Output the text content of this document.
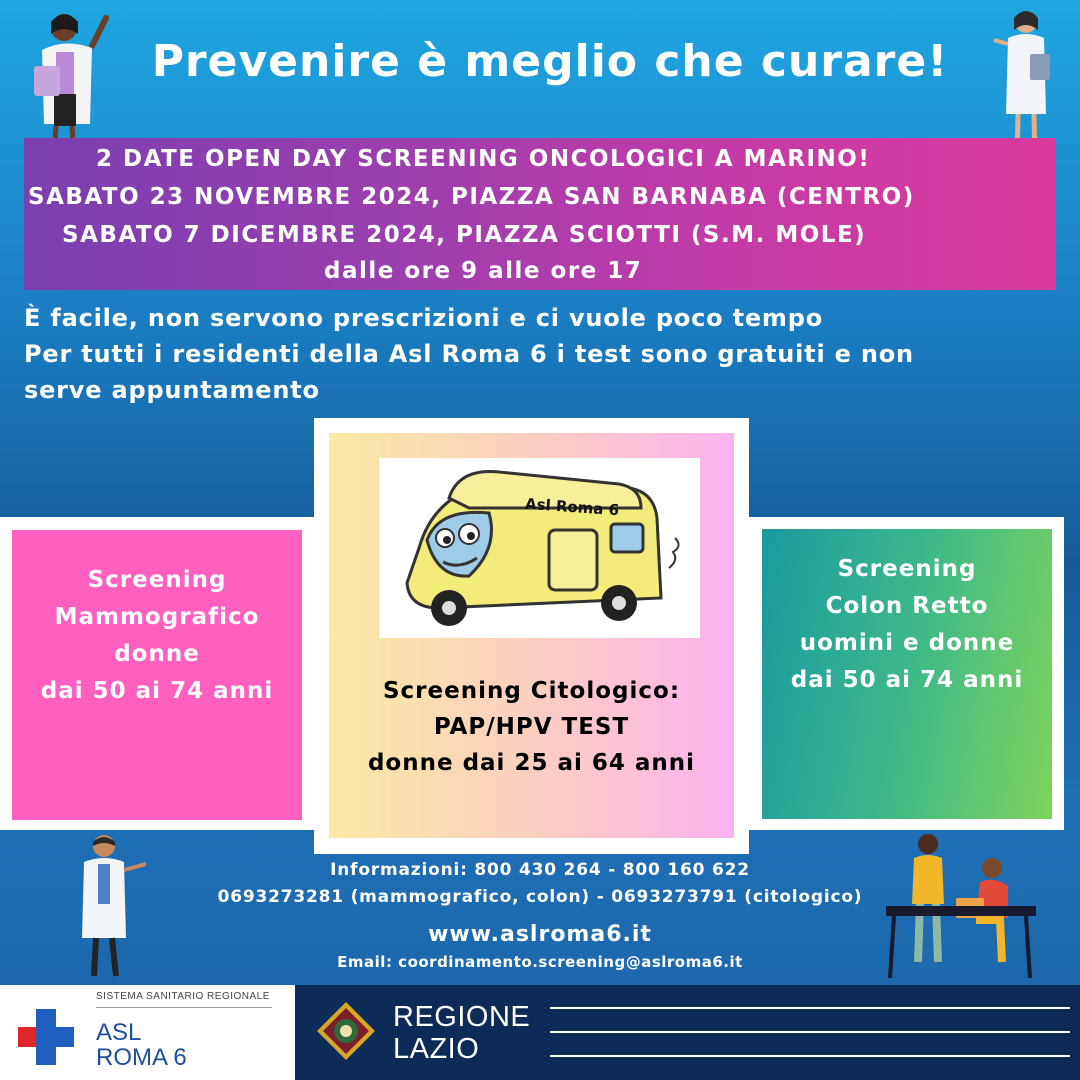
Prevenire è meglio che curare!
2 DATE OPEN DAY SCREENING ONCOLOGICI A MARINO!
SABATO 23 NOVEMBRE 2024, PIAZZA SAN BARNABA (CENTRO)
SABATO 7 DICEMBRE 2024, PIAZZA SCIOTTI (S.M. MOLE)
dalle ore 9 alle ore 17
È facile, non servono prescrizioni e ci vuole poco tempo
Per tutti i residenti della Asl Roma 6 i test sono gratuiti e non
serve appuntamento
Screening
Mammografico
donne
dai 50 ai 74 anni
Asl Roma 6
Screening Citologico:
PAP/HPV TEST
donne dai 25 ai 64 anni
Screening
Colon Retto
uomini e donne
dai 50 ai 74 anni
Informazioni: 800 430 264 - 800 160 622
0693273281 (mammografico, colon) - 0693273791 (citologico)
www.aslroma6.it
Email: coordinamento.screening@aslroma6.it
SISTEMA SANITARIO REGIONALE
ASL
ROMA 6
REGIONE
LAZIO
